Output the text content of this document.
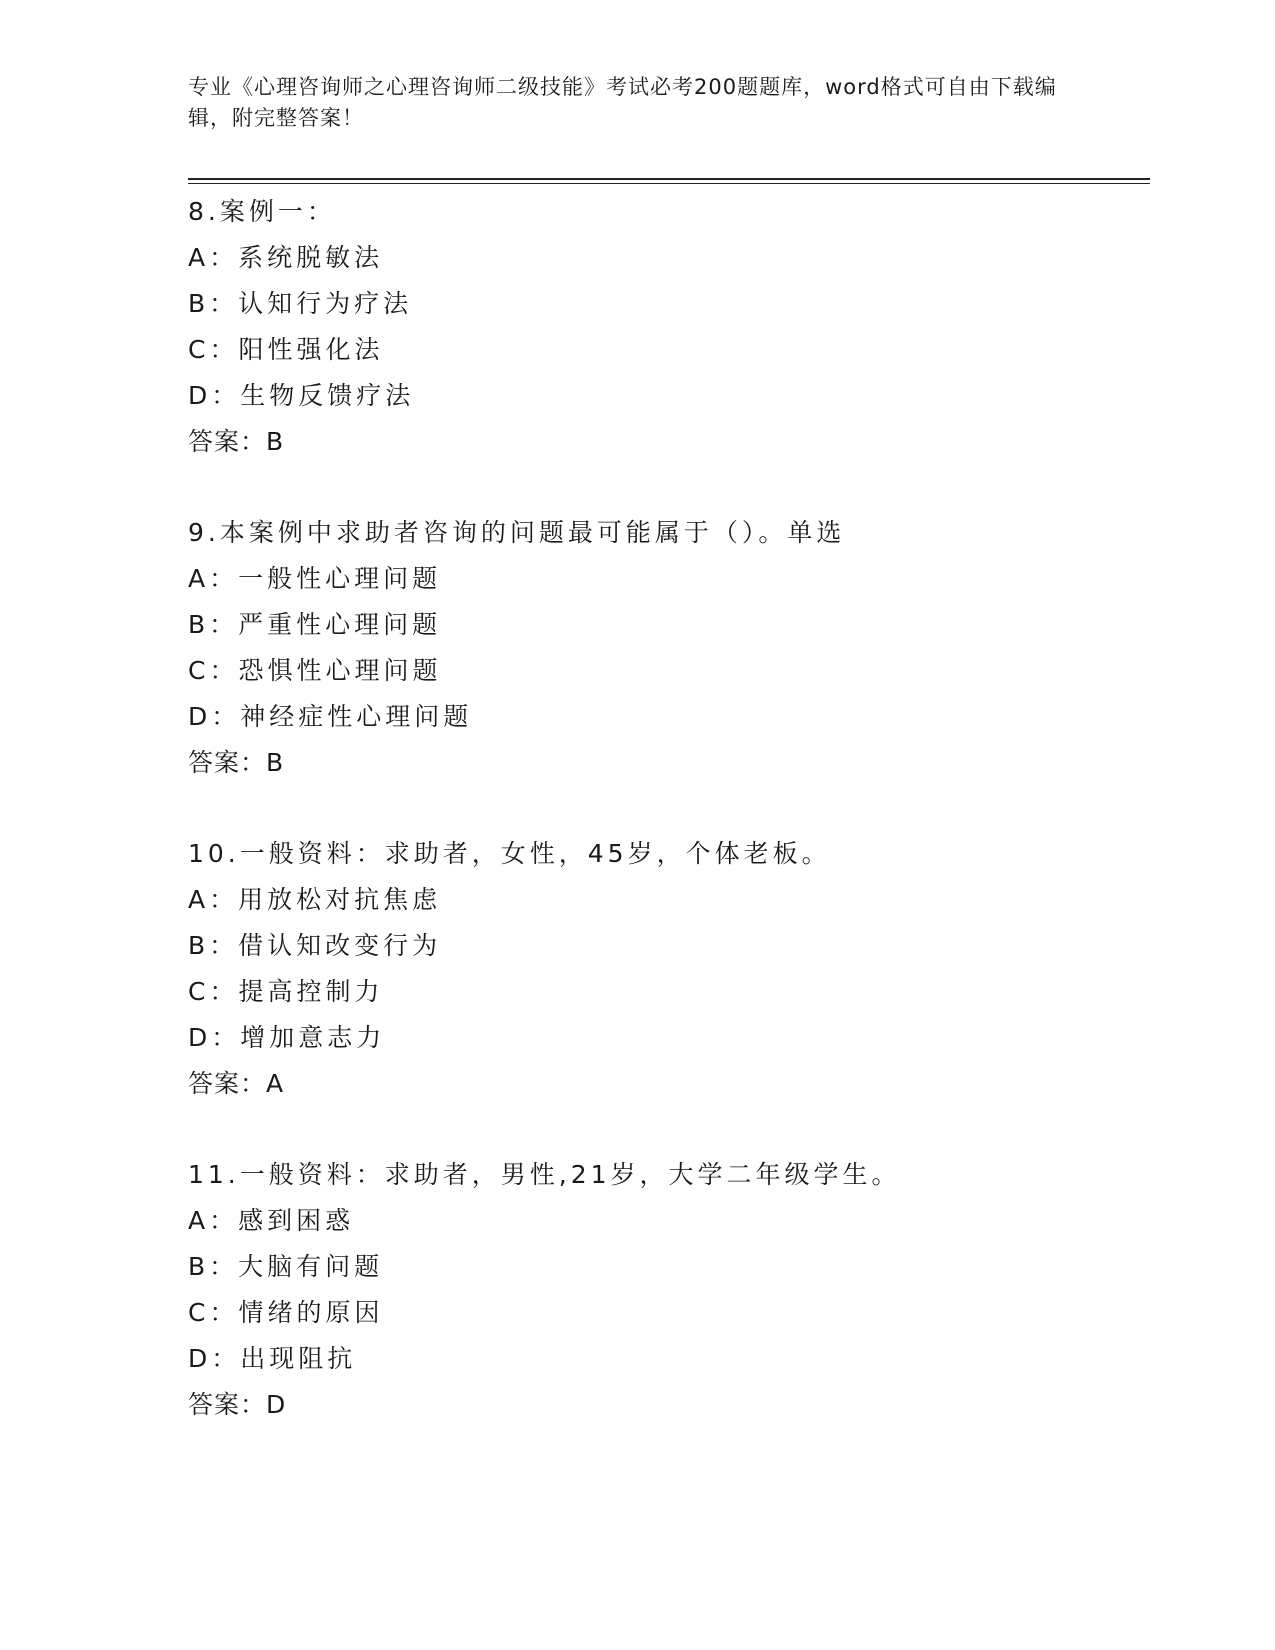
专业《心理咨询师之心理咨询师二级技能》考试必考200题题库，word格式可自由下载编辑，附完整答案！
8.案例一：
A：系统脱敏法
B：认知行为疗法
C：阳性强化法
D：生物反馈疗法
答案：B
9.本案例中求助者咨询的问题最可能属于（）。单选
A：一般性心理问题
B：严重性心理问题
C：恐惧性心理问题
D：神经症性心理问题
答案：B
10.一般资料：求助者，女性，45岁，个体老板。
A：用放松对抗焦虑
B：借认知改变行为
C：提高控制力
D：增加意志力
答案：A
11.一般资料：求助者，男性,21岁，大学二年级学生。
A：感到困惑
B：大脑有问题
C：情绪的原因
D：出现阻抗
答案：D
